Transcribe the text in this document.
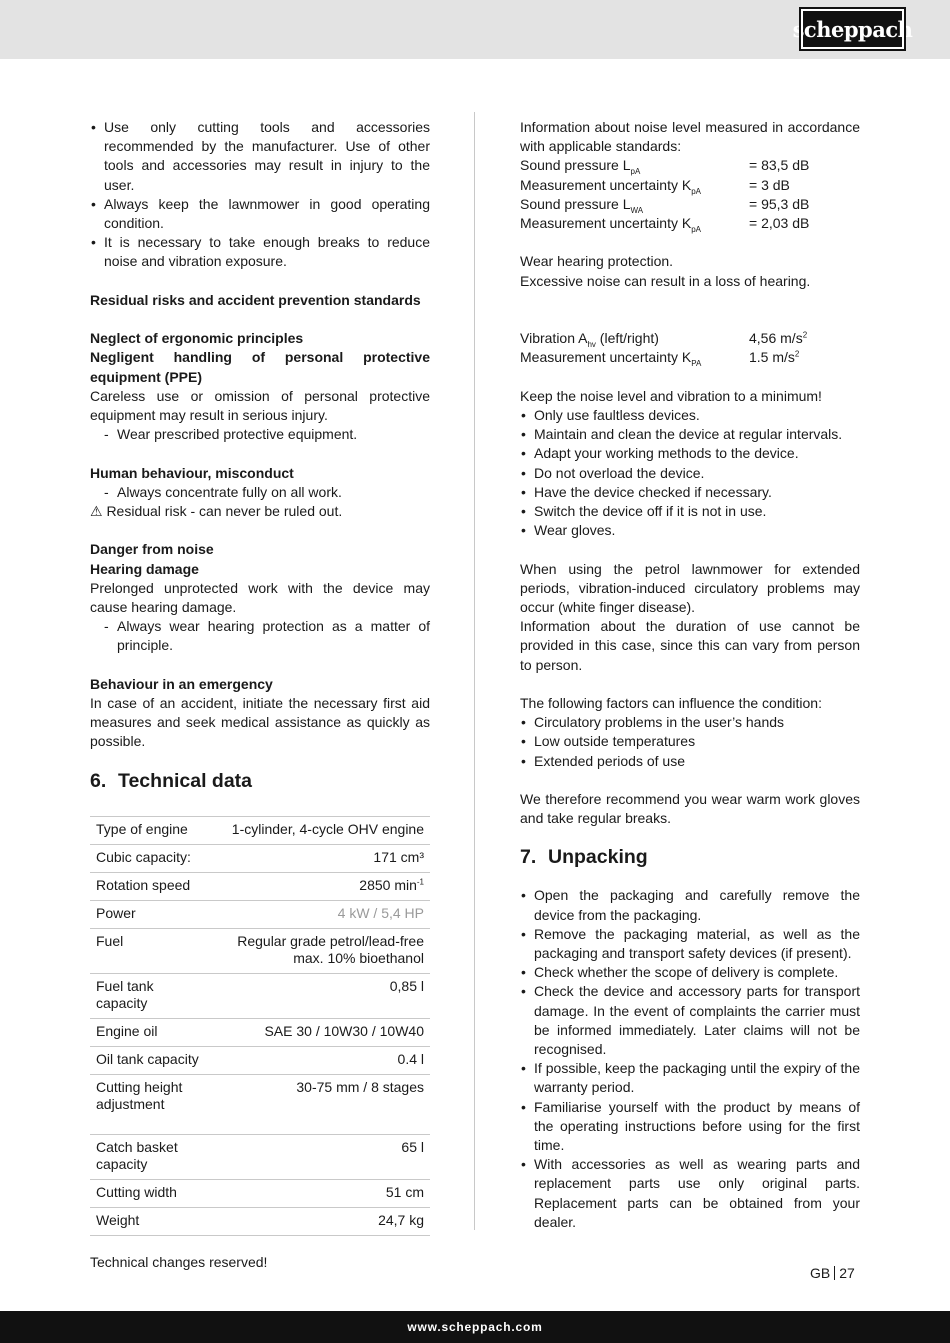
scheppach
• Use only cutting tools and accessories recommended by the manufacturer. Use of other tools and accessories may result in injury to the user.
• Always keep the lawnmower in good operating condition.
• It is necessary to take enough breaks to reduce noise and vibration exposure.

Residual risks and accident prevention standards

Neglect of ergonomic principles

Negligent handling of personal protective equipment (PPE)

Careless use or omission of personal protective equipment may result in serious injury.

- Wear prescribed protective equipment.

Human behaviour, misconduct

- Always concentrate fully on all work.

⚠ Residual risk - can never be ruled out.

Danger from noise

Hearing damage

Prelonged unprotected work with the device may cause hearing damage.

- Always wear hearing protection as a matter of principle.

Behaviour in an emergency

In case of an accident, initiate the necessary first aid measures and seek medical assistance as quickly as possible.

6. Technical data
Type of engine	1-cylinder, 4-cycle OHV engine
Cubic capacity:	171 cm³
Rotation speed	2850 $\min^{-1}$
Power	4 kW / 5,4 HP
Fuel	Regular grade petrol/lead-free max. 10% bioethanol
Fuel tank capacity	0,85 l
Engine oil	SAE 30 / 10W30 / 10W40
Oil tank capacity	0.4 l
Cutting height adjustment	30-75 mm / 8 stages
Catch basket capacity	65 l
Cutting width	51 cm
Weight	24,7 kg

Technical changes reserved!

Information about noise level measured in accordance with applicable standards:

Sound pressure $L_{pA}$	= 83,5 dB
Measurement uncertainty $K_{pA}$	= 3 dB
Sound pressure $L_{WA}$	= 95,3 dB
Measurement uncertainty $K_{pA}$	= 2,03 dB

Wear hearing protection.

Excessive noise can result in a loss of hearing.

Vibration $A_{hv}$ (left/right)	4,56 $m/s^2$
Measurement uncertainty $K_{PA}$	1.5 $m/s^2$

Keep the noise level and vibration to a minimum!

• Only use faultless devices.
• Maintain and clean the device at regular intervals.
• Adapt your working methods to the device.
• Do not overload the device.
• Have the device checked if necessary.
• Switch the device off if it is not in use.
• Wear gloves.

When using the petrol lawnmower for extended periods, vibration-induced circulatory problems may occur (white finger disease).

Information about the duration of use cannot be provided in this case, since this can vary from person to person.

The following factors can influence the condition:

• Circulatory problems in the user’s hands
• Low outside temperatures
• Extended periods of use

We therefore recommend you wear warm work gloves and take regular breaks.

7. Unpacking
• Open the packaging and carefully remove the device from the packaging.
• Remove the packaging material, as well as the packaging and transport safety devices (if present).
• Check whether the scope of delivery is complete.
• Check the device and accessory parts for transport damage. In the event of complaints the carrier must be informed immediately. Later claims will not be recognised.
• If possible, keep the packaging until the expiry of the warranty period.
• Familiarise yourself with the product by means of the operating instructions before using for the first time.
• With accessories as well as wearing parts and replacement parts use only original parts. Replacement parts can be obtained from your dealer.
GB 27
www.scheppach.com
